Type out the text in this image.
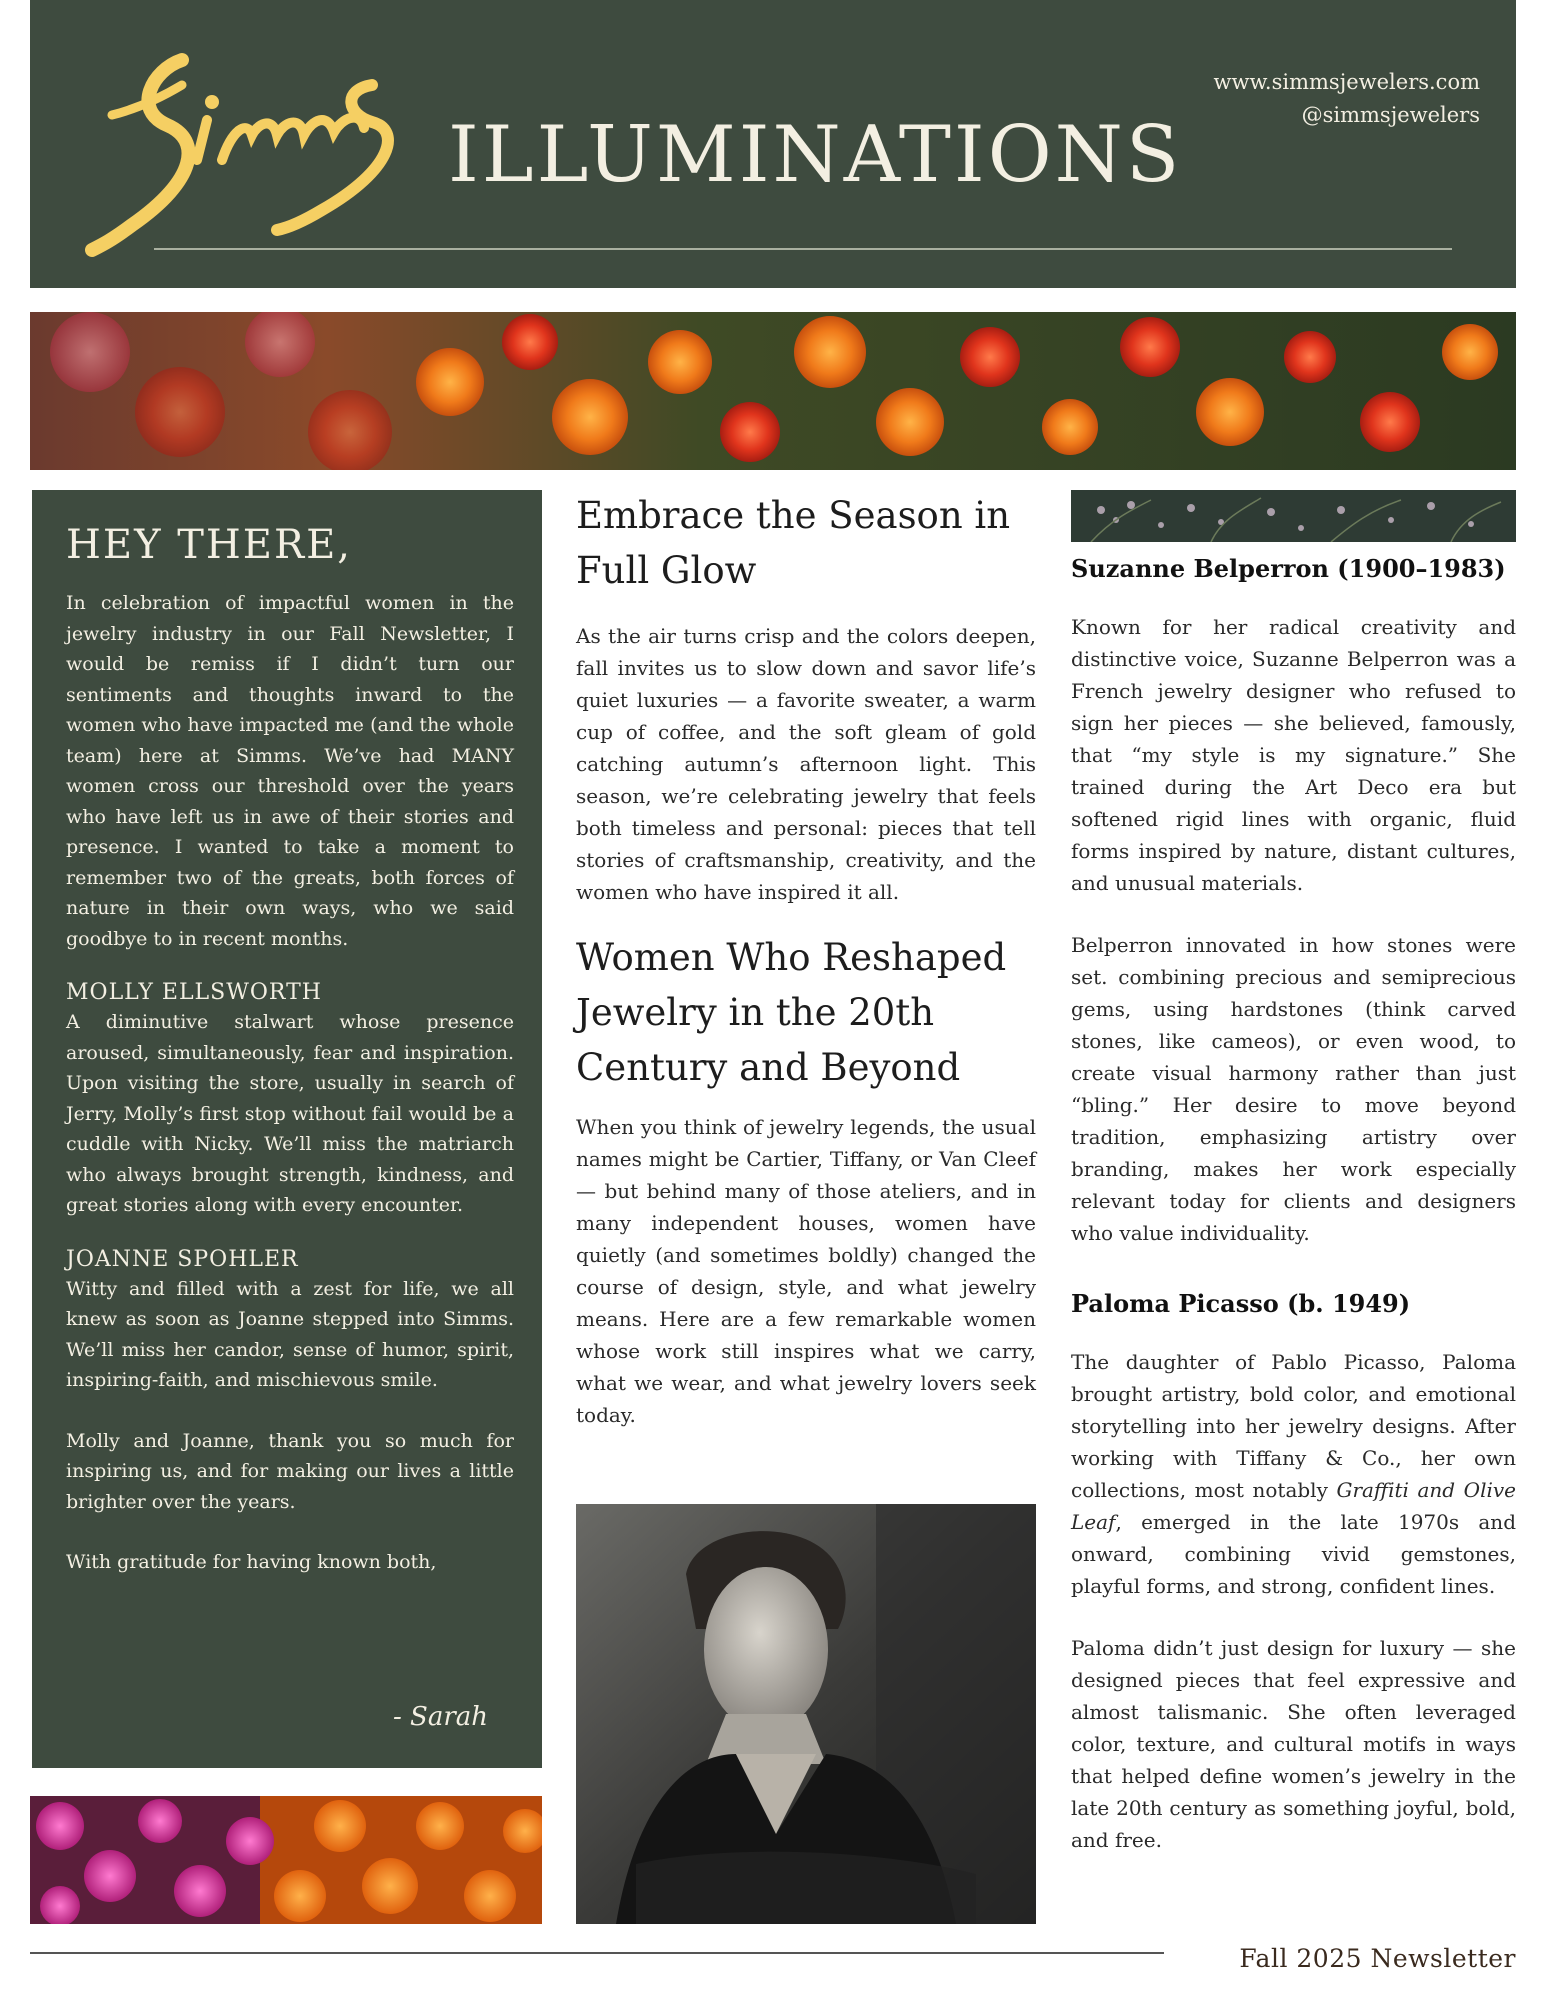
Simms
ILLUMINATIONS
www.simmsjewelers.com
@simmsjewelers
HEY THERE,

In celebration of impactful women in the jewelry industry in our Fall Newsletter, I would be remiss if I didn’t turn our sentiments and thoughts inward to the women who have impacted me (and the whole team) here at Simms. We’ve had MANY women cross our threshold over the years who have left us in awe of their stories and presence. I wanted to take a moment to remember two of the greats, both forces of nature in their own ways, who we said goodbye to in recent months.

MOLLY ELLSWORTH

A diminutive stalwart whose presence aroused, simultaneously, fear and inspiration. Upon visiting the store, usually in search of Jerry, Molly’s first stop without fail would be a cuddle with Nicky. We’ll miss the matriarch who always brought strength, kindness, and great stories along with every encounter.

JOANNE SPOHLER

Witty and filled with a zest for life, we all knew as soon as Joanne stepped into Simms. We’ll miss her candor, sense of humor, spirit, inspiring-faith, and mischievous smile.

Molly and Joanne, thank you so much for inspiring us, and for making our lives a little brighter over the years.

With gratitude for having known both,

- Sarah
Embrace the Season in Full Glow

As the air turns crisp and the colors deepen, fall invites us to slow down and savor life’s quiet luxuries — a favorite sweater, a warm cup of coffee, and the soft gleam of gold catching autumn’s afternoon light. This season, we’re celebrating jewelry that feels both timeless and personal: pieces that tell stories of craftsmanship, creativity, and the women who have inspired it all.

Women Who Reshaped Jewelry in the 20th Century and Beyond

When you think of jewelry legends, the usual names might be Cartier, Tiffany, or Van Cleef — but behind many of those ateliers, and in many independent houses, women have quietly (and sometimes boldly) changed the course of design, style, and what jewelry means. Here are a few remarkable women whose work still inspires what we carry, what we wear, and what jewelry lovers seek today.

Suzanne Belperron (1900–1983)

Known for her radical creativity and distinctive voice, Suzanne Belperron was a French jewelry designer who refused to sign her pieces — she believed, famously, that “my style is my signature.” She trained during the Art Deco era but softened rigid lines with organic, fluid forms inspired by nature, distant cultures, and unusual materials.

Belperron innovated in how stones were set. combining precious and semiprecious gems, using hardstones (think carved stones, like cameos), or even wood, to create visual harmony rather than just “bling.” Her desire to move beyond tradition, emphasizing artistry over branding, makes her work especially relevant today for clients and designers who value individuality.

Paloma Picasso (b. 1949)

The daughter of Pablo Picasso, Paloma brought artistry, bold color, and emotional storytelling into her jewelry designs. After working with Tiffany & Co., her own collections, most notably Graffiti and Olive Leaf, emerged in the late 1970s and onward, combining vivid gemstones, playful forms, and strong, confident lines.

Paloma didn’t just design for luxury — she designed pieces that feel expressive and almost talismanic. She often leveraged color, texture, and cultural motifs in ways that helped define women’s jewelry in the late 20th century as something joyful, bold, and free.

Fall 2025 Newsletter
